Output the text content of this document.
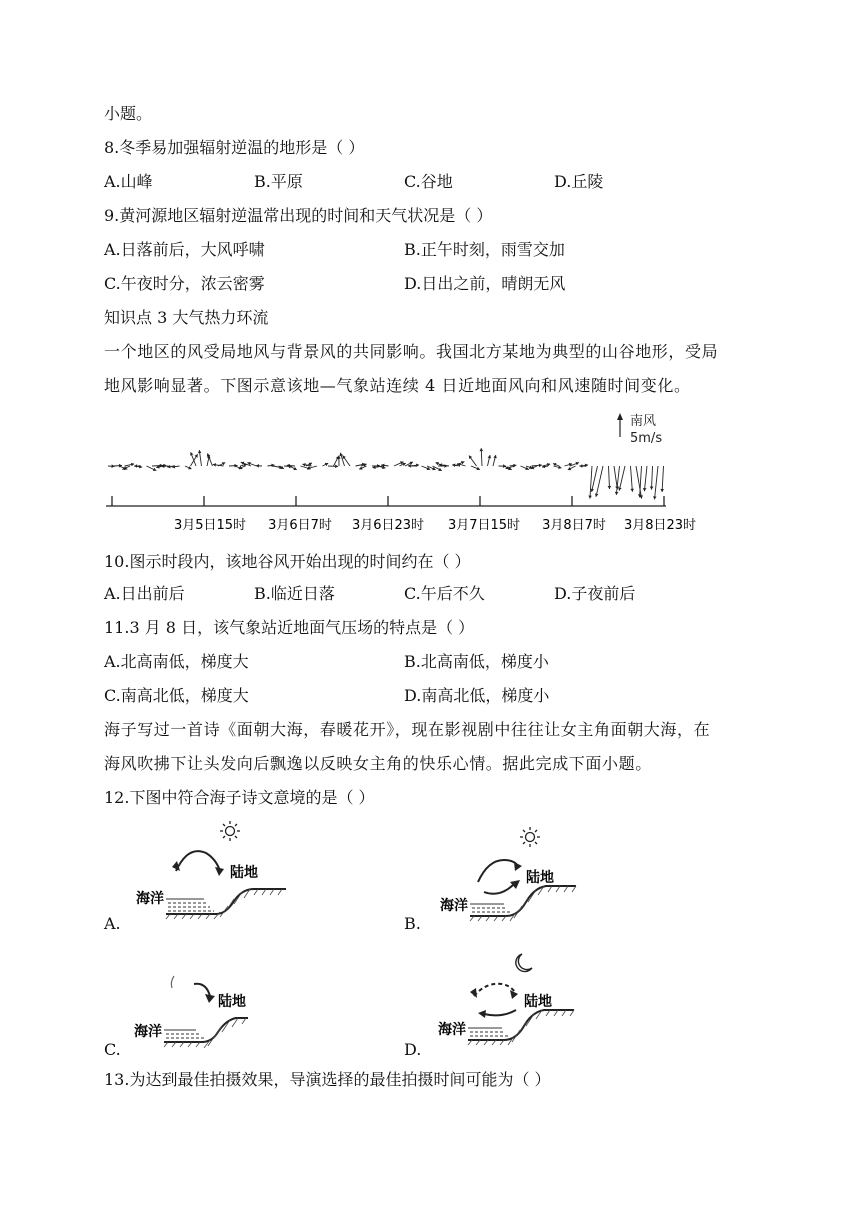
小题。
8.冬季易加强辐射逆温的地形是（ ）
A.山峰	B.平原	C.谷地	D.丘陵
9.黄河源地区辐射逆温常出现的时间和天气状况是（ ）
A.日落前后，大风呼啸	B.正午时刻，雨雪交加
C.午夜时分，浓云密雾	D.日出之前，晴朗无风
知识点 3 大气热力环流
一个地区的风受局地风与背景风的共同影响。我国北方某地为典型的山谷地形，受局
地风影响显著。下图示意该地—气象站连续 4 日近地面风向和风速随时间变化。
南风
5m/s
3月5日15时 3月6日7时 3月6日23时 3月7日15时 3月8日7时 3月8日23时
10.图示时段内，该地谷风开始出现的时间约在（ ）
A.日出前后	B.临近日落	C.午后不久	D.子夜前后
11.3 月 8 日，该气象站近地面气压场的特点是（ ）
A.北高南低，梯度大	B.北高南低，梯度小
C.南高北低，梯度大	D.南高北低，梯度小
海子写过一首诗《面朝大海，春暖花开》，现在影视剧中往往让女主角面朝大海，在
海风吹拂下让头发向后飘逸以反映女主角的快乐心情。据此完成下面小题。
12.下图中符合海子诗文意境的是（ ）
A.	B.
C.	D.
陆地
海洋
陆地
海洋
陆地
海洋
陆地
海洋
13.为达到最佳拍摄效果，导演选择的最佳拍摄时间可能为（ ）
